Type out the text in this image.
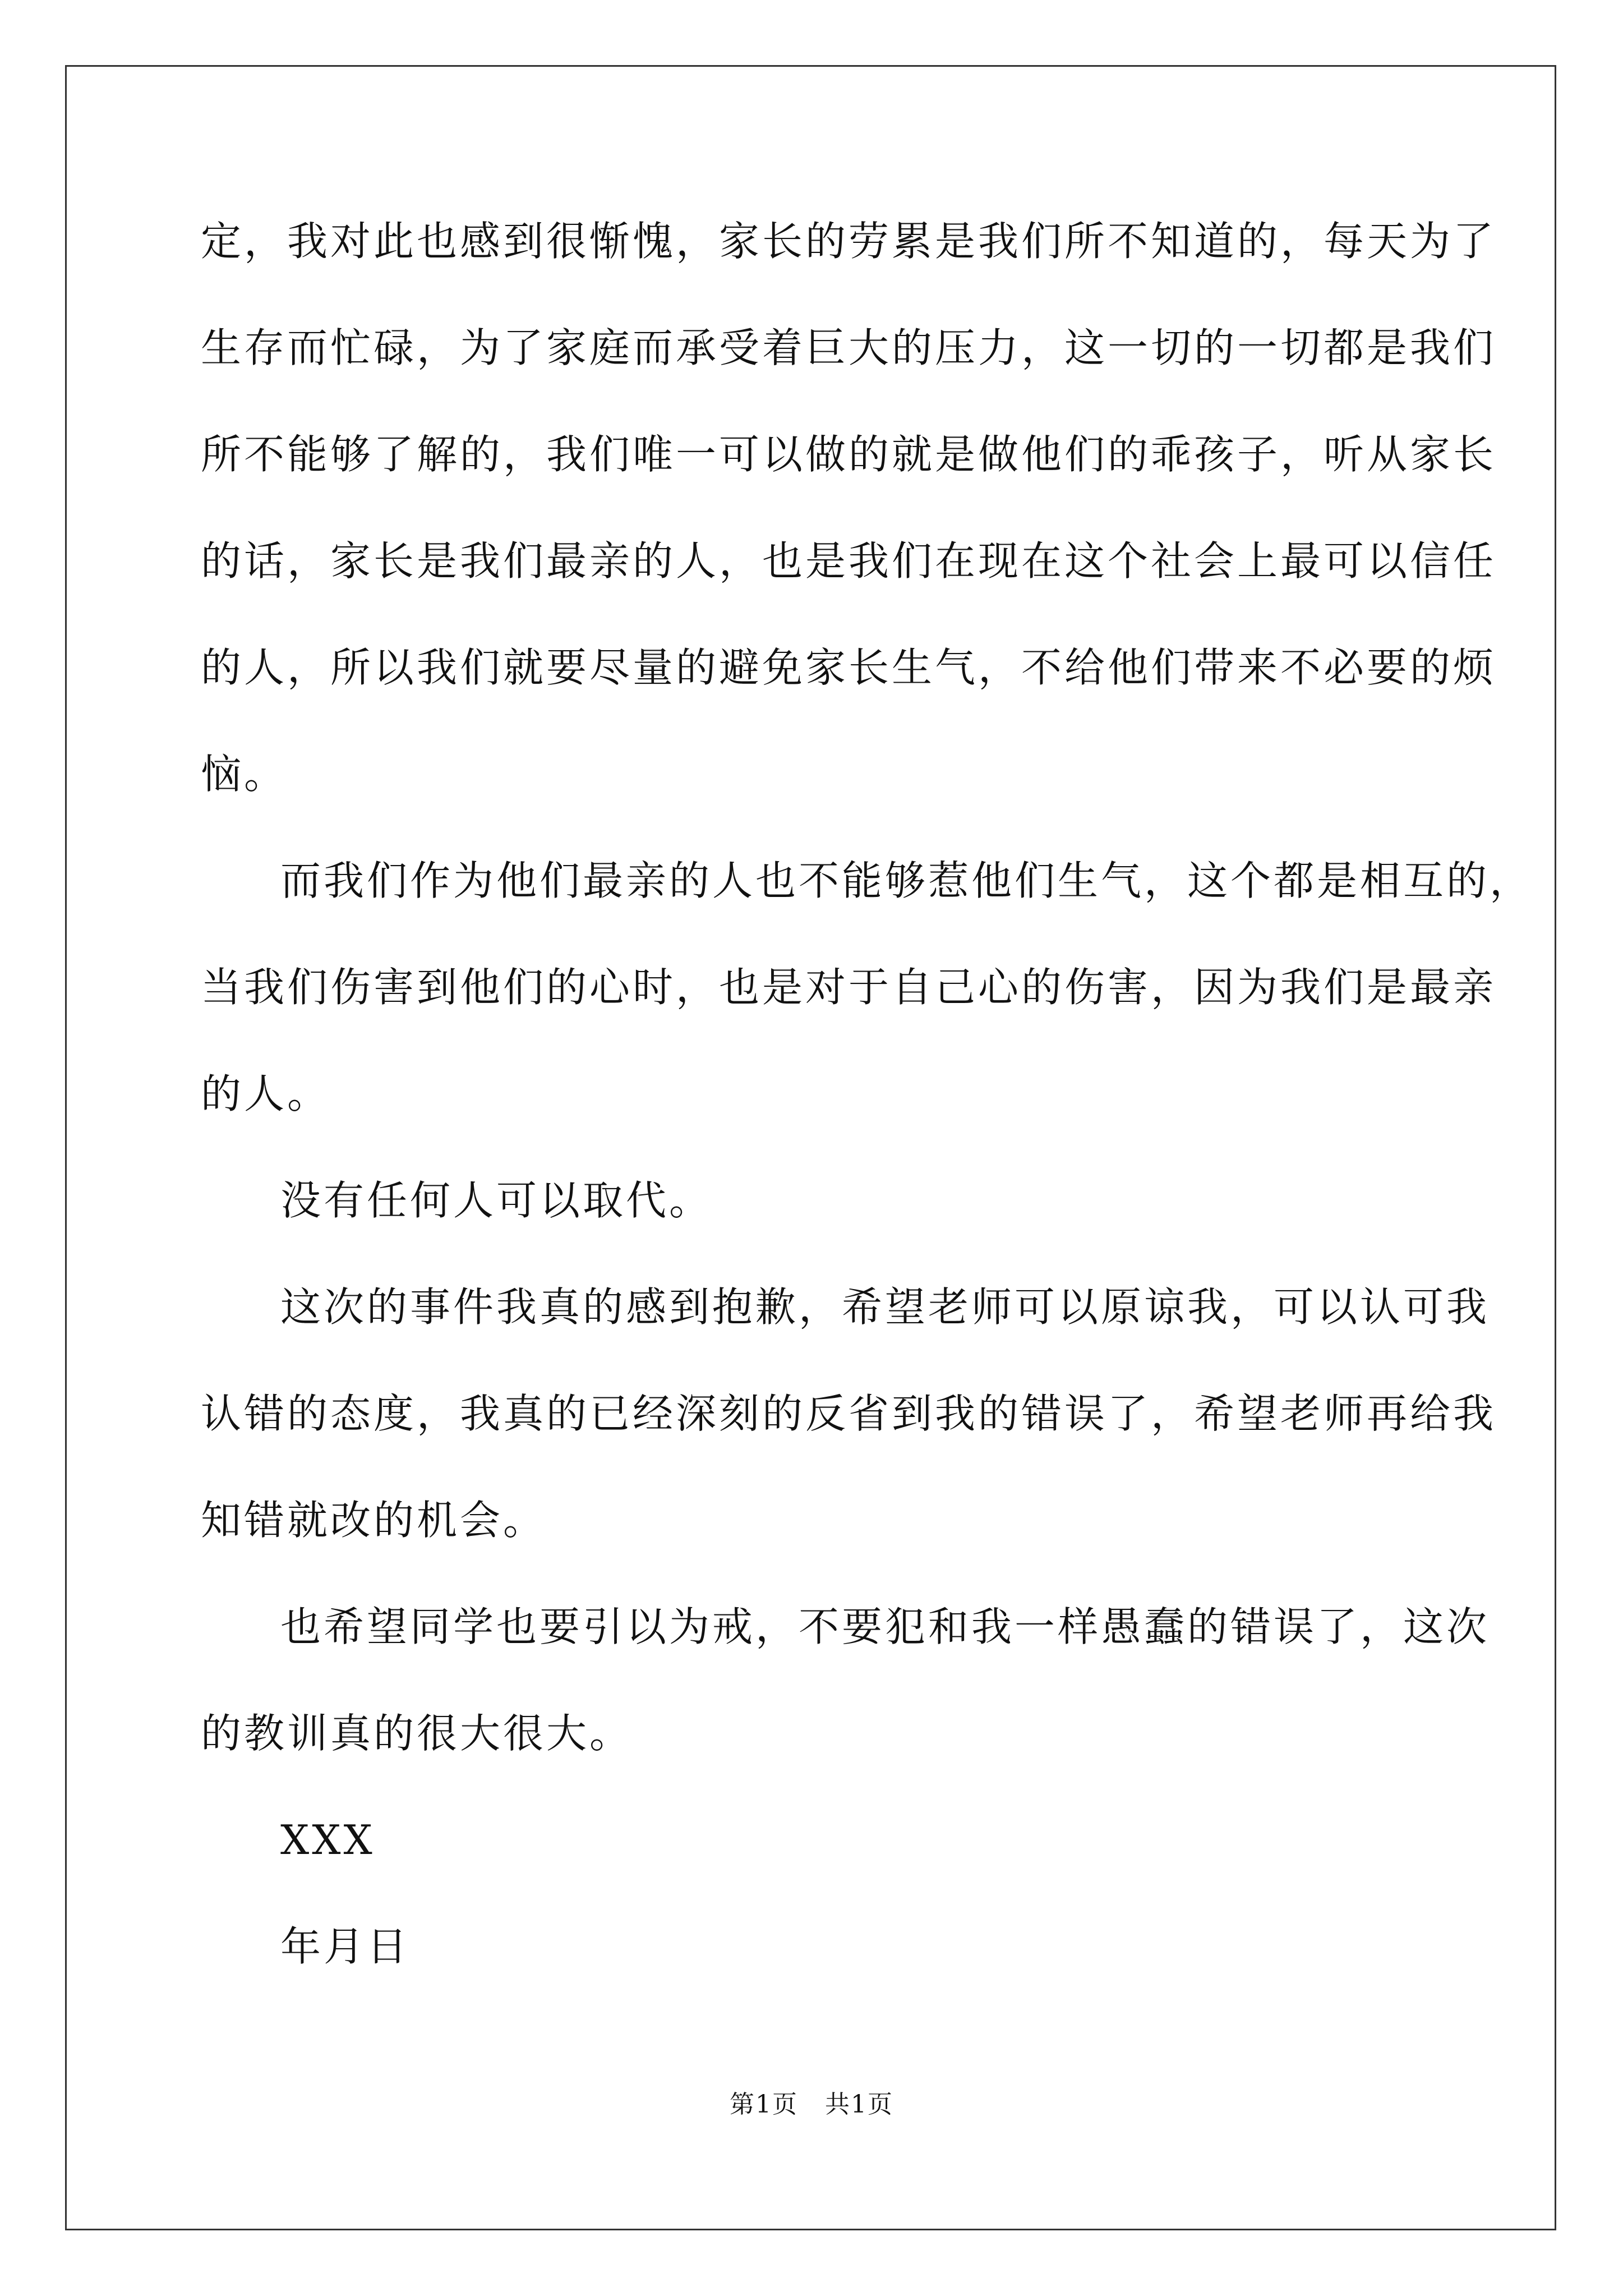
定，我对此也感到很惭愧，家长的劳累是我们所不知道的，每天为了
生存而忙碌，为了家庭而承受着巨大的压力，这一切的一切都是我们
所不能够了解的，我们唯一可以做的就是做他们的乖孩子，听从家长
的话，家长是我们最亲的人，也是我们在现在这个社会上最可以信任
的人，所以我们就要尽量的避免家长生气，不给他们带来不必要的烦
恼。
而我们作为他们最亲的人也不能够惹他们生气，这个都是相互的，
当我们伤害到他们的心时，也是对于自己心的伤害，因为我们是最亲
的人。
没有任何人可以取代。
这次的事件我真的感到抱歉，希望老师可以原谅我，可以认可我
认错的态度，我真的已经深刻的反省到我的错误了，希望老师再给我
知错就改的机会。
也希望同学也要引以为戒，不要犯和我一样愚蠢的错误了，这次
的教训真的很大很大。
XXX
年月日
第1页 共1页
